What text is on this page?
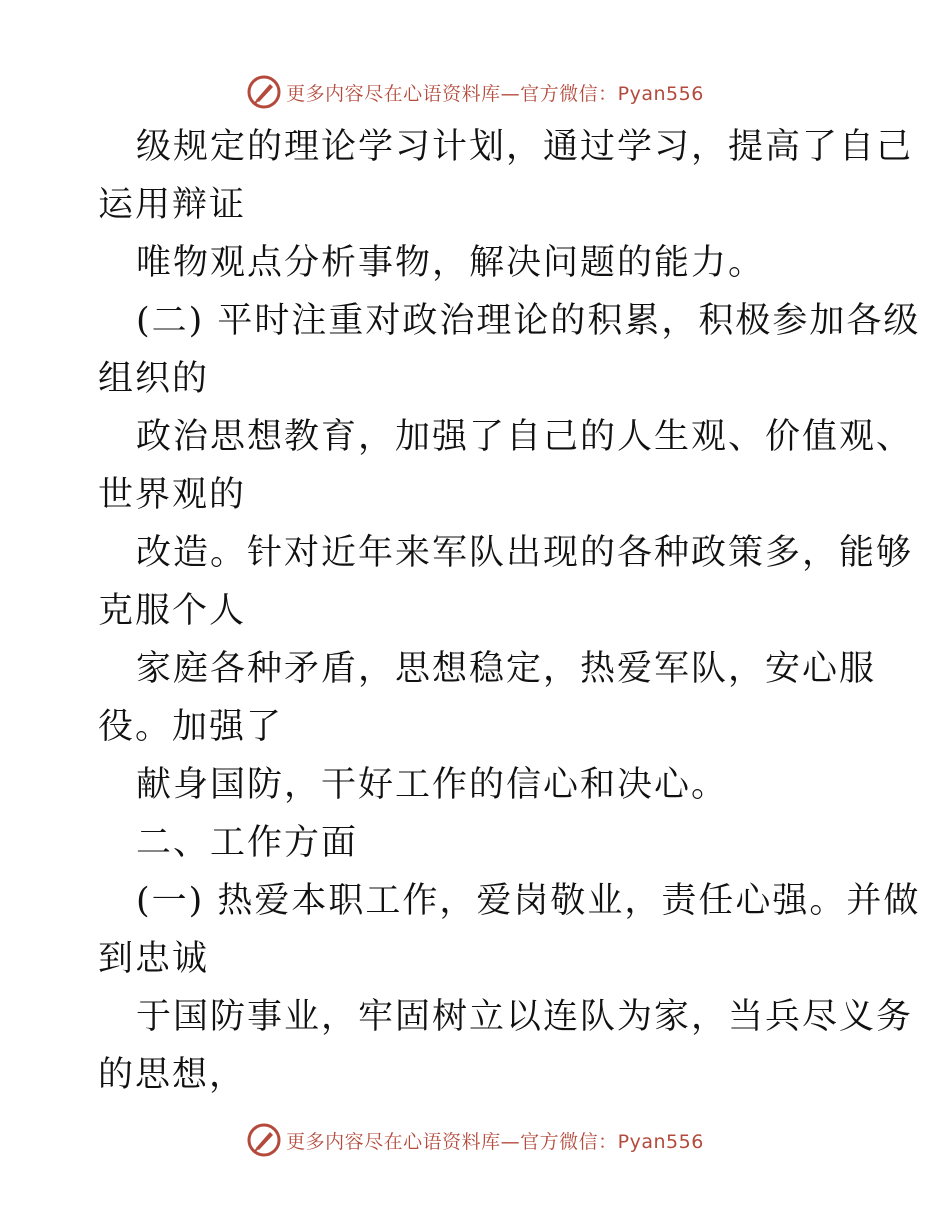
更多内容尽在心语资料库—官方微信：Pyan556
级规定的理论学习计划，通过学习，提高了自己
运用辩证
唯物观点分析事物，解决问题的能力。
(二) 平时注重对政治理论的积累，积极参加各级
组织的
政治思想教育，加强了自己的人生观、价值观、
世界观的
改造。针对近年来军队出现的各种政策多，能够
克服个人
家庭各种矛盾，思想稳定，热爱军队，安心服
役。加强了
献身国防，干好工作的信心和决心。
二、工作方面
(一) 热爱本职工作，爱岗敬业，责任心强。并做
到忠诚
于国防事业，牢固树立以连队为家，当兵尽义务
的思想，
更多内容尽在心语资料库—官方微信：Pyan556
